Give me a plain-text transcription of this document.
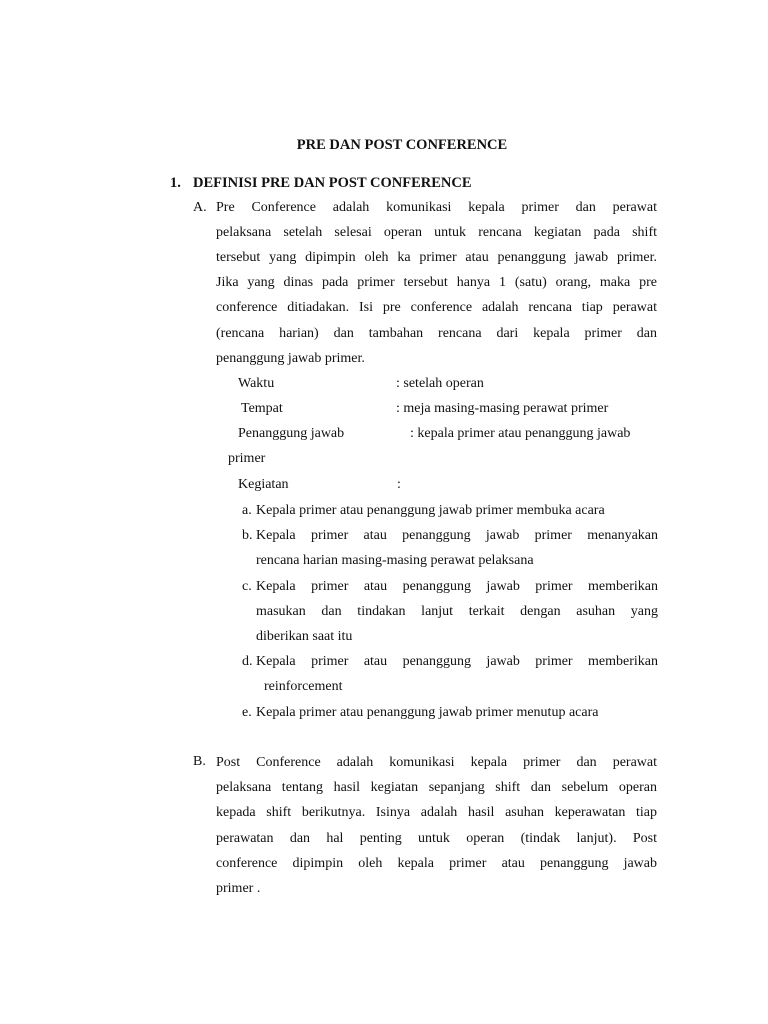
PRE DAN POST CONFERENCE
1. DEFINISI PRE DAN POST CONFERENCE
A. Pre Conference adalah komunikasi kepala primer dan perawat
pelaksana setelah selesai operan untuk rencana kegiatan pada shift
tersebut yang dipimpin oleh ka primer atau penanggung jawab primer.
Jika yang dinas pada primer tersebut hanya 1 (satu) orang, maka pre
conference ditiadakan. Isi pre conference adalah rencana tiap perawat
(rencana harian) dan tambahan rencana dari kepala primer dan
penanggung jawab primer.
Waktu	: setelah operan
Tempat	: meja masing-masing perawat primer
Penanggung jawab	: kepala primer atau penanggung jawab
primer
Kegiatan	:
a. Kepala primer atau penanggung jawab primer membuka acara
b. Kepala primer atau penanggung jawab primer menanyakan
rencana harian masing-masing perawat pelaksana
c. Kepala primer atau penanggung jawab primer memberikan
masukan dan tindakan lanjut terkait dengan asuhan yang
diberikan saat itu
d. Kepala primer atau penanggung jawab primer memberikan
reinforcement
e. Kepala primer atau penanggung jawab primer menutup acara
B. Post Conference adalah komunikasi kepala primer dan perawat
pelaksana tentang hasil kegiatan sepanjang shift dan sebelum operan
kepada shift berikutnya. Isinya adalah hasil asuhan keperawatan tiap
perawatan dan hal penting untuk operan (tindak lanjut). Post
conference dipimpin oleh kepala primer atau penanggung jawab
primer .
